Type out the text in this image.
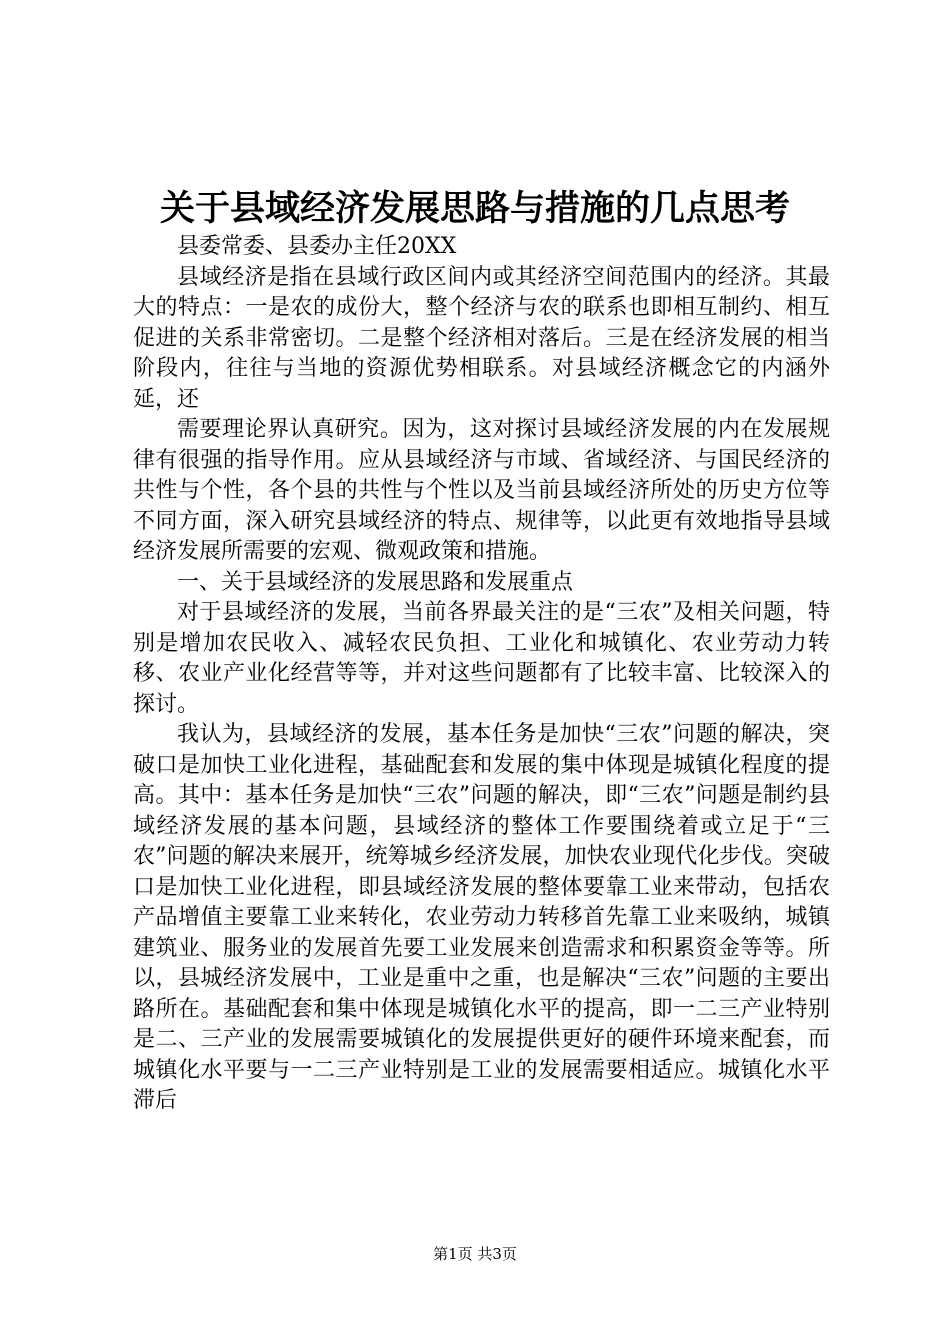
关于县域经济发展思路与措施的几点思考

县委常委、县委办主任20XX

县域经济是指在县域行政区间内或其经济空间范围内的经济。其最大的特点：一是农的成份大，整个经济与农的联系也即相互制约、相互促进的关系非常密切。二是整个经济相对落后。三是在经济发展的相当阶段内，往往与当地的资源优势相联系。对县域经济概念它的内涵外延，还

需要理论界认真研究。因为，这对探讨县域经济发展的内在发展规律有很强的指导作用。应从县域经济与市域、省域经济、与国民经济的共性与个性，各个县的共性与个性以及当前县域经济所处的历史方位等不同方面，深入研究县域经济的特点、规律等，以此更有效地指导县域经济发展所需要的宏观、微观政策和措施。

一、关于县域经济的发展思路和发展重点

对于县域经济的发展，当前各界最关注的是“三农”及相关问题，特别是增加农民收入、减轻农民负担、工业化和城镇化、农业劳动力转移、农业产业化经营等等，并对这些问题都有了比较丰富、比较深入的探讨。

我认为，县域经济的发展，基本任务是加快“三农”问题的解决，突破口是加快工业化进程，基础配套和发展的集中体现是城镇化程度的提高。其中：基本任务是加快“三农”问题的解决，即“三农”问题是制约县域经济发展的基本问题，县域经济的整体工作要围绕着或立足于“三农”问题的解决来展开，统筹城乡经济发展，加快农业现代化步伐。突破口是加快工业化进程，即县域经济发展的整体要靠工业来带动，包括农产品增值主要靠工业来转化，农业劳动力转移首先靠工业来吸纳，城镇建筑业、服务业的发展首先要工业发展来创造需求和积累资金等等。所以，县城经济发展中，工业是重中之重，也是解决“三农”问题的主要出路所在。基础配套和集中体现是城镇化水平的提高，即一二三产业特别是二、三产业的发展需要城镇化的发展提供更好的硬件环境来配套，而城镇化水平要与一二三产业特别是工业的发展需要相适应。城镇化水平滞后

第1页 共3页
